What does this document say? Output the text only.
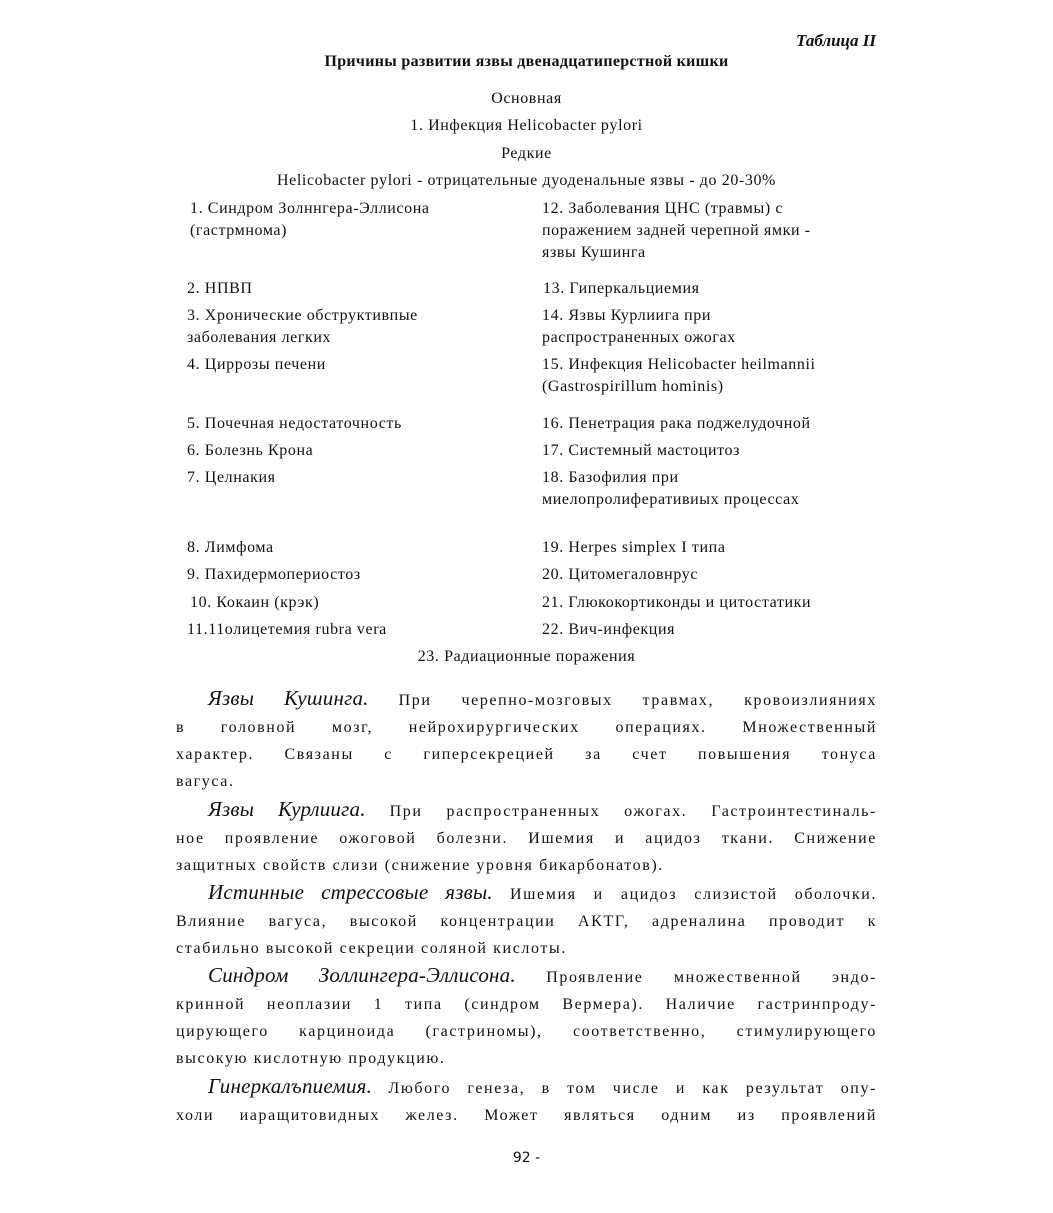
Таблица II
Причины развитии язвы двенадцатиперстной кишки
Основная
1. Инфекция Helicobacter pylori
Редкие
Helicobacter pylori - отрицательные дуоденальные язвы - до 20-30%
1. Синдром Золннгера-Эллисона
(гастрмнома)
2. НПВП
3. Хронические обструктивпые
заболевания легких
4. Циррозы печени
5. Почечная недостаточность
6. Болезнь Крона
7. Целнакия
8. Лимфома
9. Пахидермопериостоз
10. Кокаин (крэк)
11.11олицетемия rubra vera
12. Заболевания ЦНС (травмы) с
поражением задней черепной ямки -
язвы Кушинга
13. Гиперкальциемия
14. Язвы Курлиига при
распространенных ожогах
15. Инфекция Helicobacter heilmannii
(Gastrospirillum hominis)
16. Пенетрация рака поджелудочной
17. Системный мастоцитоз
18. Базофилия при
миелопролиферативиых процессах
19. Herpes simplex I типа
20. Цитомегаловнрус
21. Глюкокортиконды и цитостатики
22. Вич-инфекция
23. Радиационные поражения
Язвы Кушинга. При черепно-мозговых травмах, кровоизлияниях
в головной мозг, нейрохирургических операциях. Множественный
характер. Связаны с гиперсекрецией за счет повышения тонуса
вагуса.
Язвы Курлиига. При распространенных ожогах. Гастроинтестиналь-
ное проявление ожоговой болезни. Ишемия и ацидоз ткани. Снижение
защитных свойств слизи (снижение уровня бикарбонатов).
Истинные стрессовые язвы. Ишемия и ацидоз слизистой оболочки.
Влияние вагуса, высокой концентрации АКТГ, адреналина проводит к
стабильно высокой секреции соляной кислоты.
Синдром Золлингера-Эллисона. Проявление множественной эндо-
кринной неоплазии 1 типа (синдром Вермера). Наличие гастринпроду-
цирующего карциноида (гастриномы), соответственно, стимулирующего
высокую кислотную продукцию.
Гинеркалъпиемия. Любого генеза, в том числе и как результат опу-
холи иаращитовидных желез. Может являться одним из проявлений
92 -
